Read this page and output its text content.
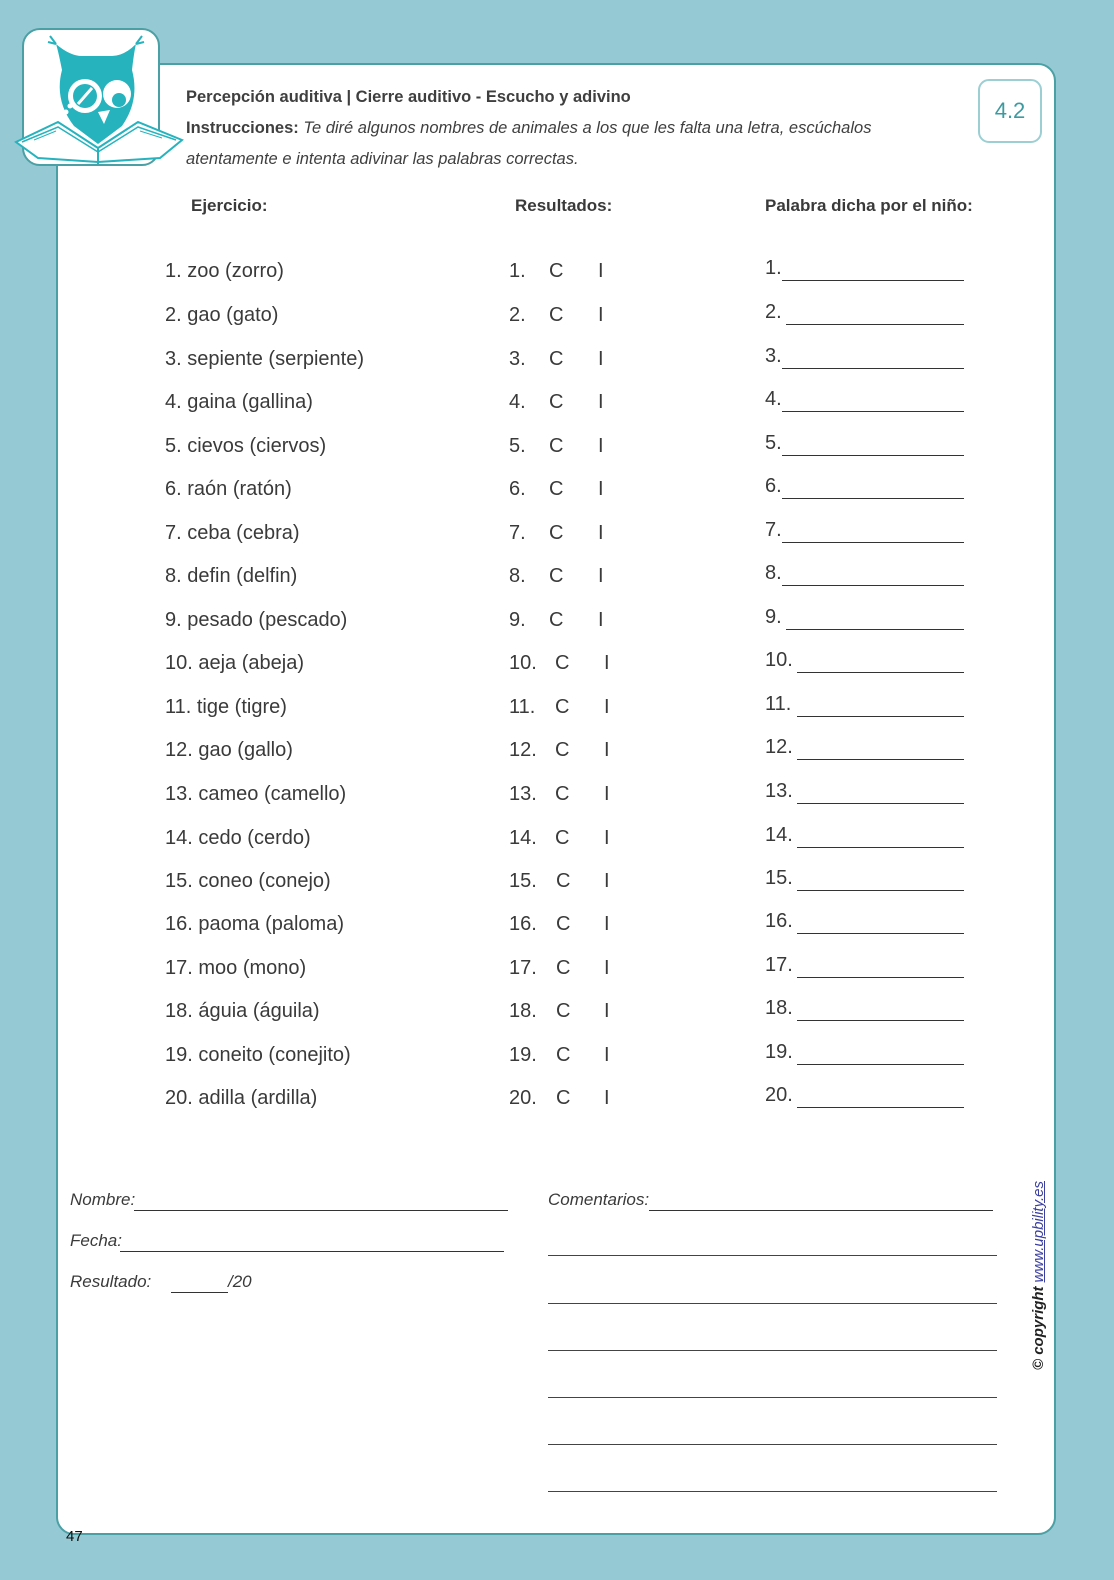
Percepción auditiva | Cierre auditivo - Escucho y adivino
Instrucciones: Te diré algunos nombres de animales a los que les falta una letra, escúchalos atentamente e intenta adivinar las palabras correctas.
4.2
Ejercicio:	Resultados:	Palabra dicha por el niño:
1. zoo (zorro)	1. C I	1.
2. gao (gato)	2. C I	2.
3. sepiente (serpiente)	3. C I	3.
4. gaina (gallina)	4. C I	4.
5. cievos (ciervos)	5. C I	5.
6. raón (ratón)	6. C I	6.
7. ceba (cebra)	7. C I	7.
8. defin (delfin)	8. C I	8.
9. pesado (pescado)	9. C I	9.
10. aeja (abeja)	10. C I	10.
11. tige (tigre)	11. C I	11.
12. gao (gallo)	12. C I	12.
13. cameo (camello)	13. C I	13.
14. cedo (cerdo)	14. C I	14.
15. coneo (conejo)	15. C I	15.
16. paoma (paloma)	16. C I	16.
17. moo (mono)	17. C I	17.
18. águia (águila)	18. C I	18.
19. coneito (conejito)	19. C I	19.
20. adilla (ardilla)	20. C I	20.
Nombre:
Fecha:
Resultado:	/20
Comentarios:
© copyrightwww.upbility.es
47
